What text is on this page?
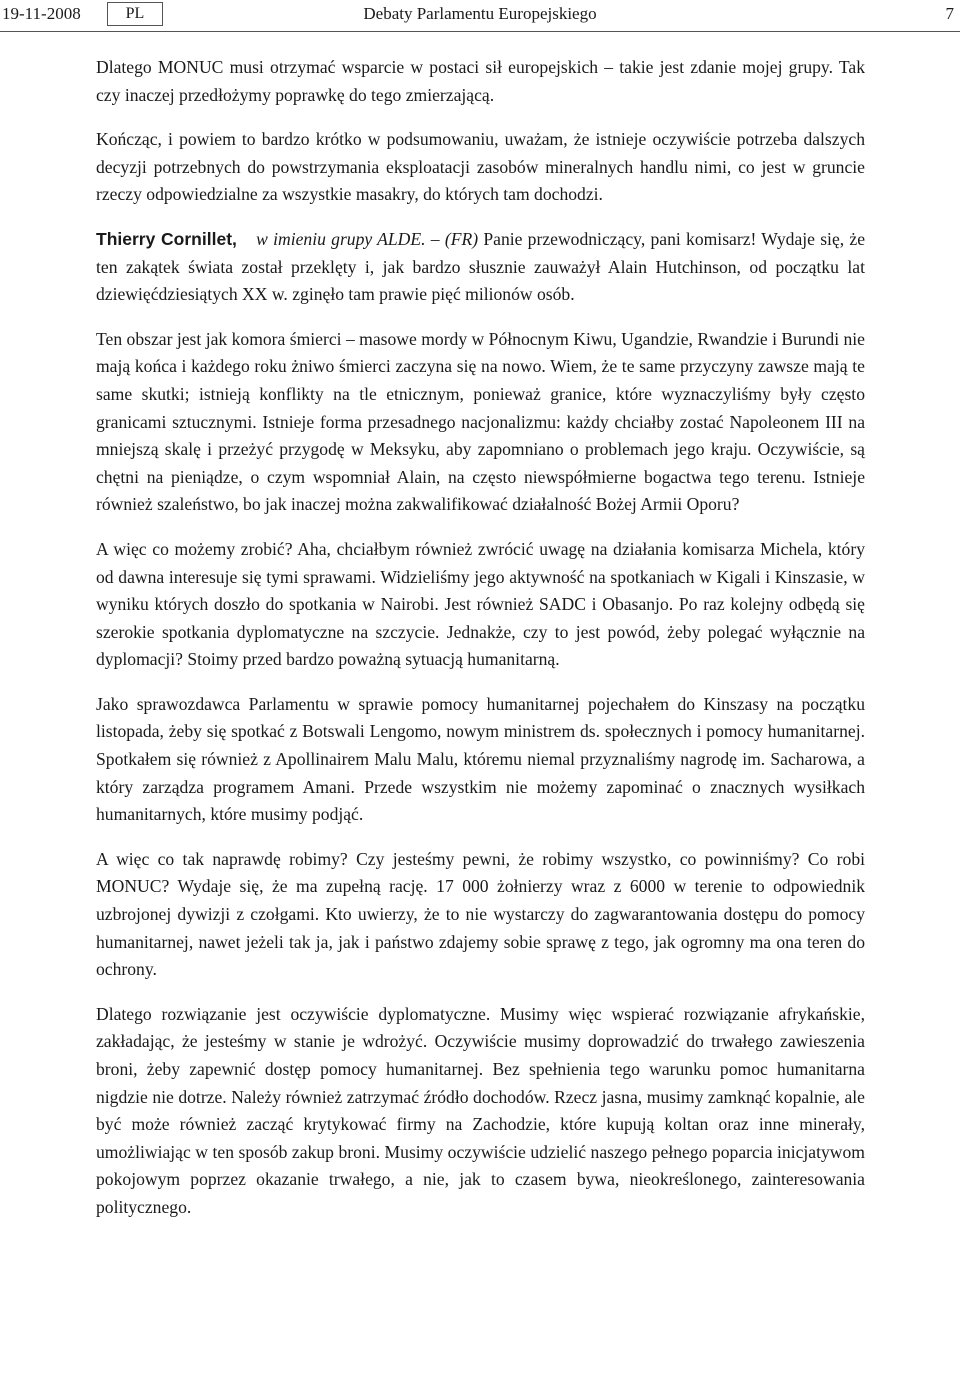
19-11-2008	PL	Debaty Parlamentu Europejskiego	7

Dlatego MONUC musi otrzymać wsparcie w postaci sił europejskich – takie jest zdanie mojej grupy. Tak czy inaczej przedłożymy poprawkę do tego zmierzającą.

Kończąc, i powiem to bardzo krótko w podsumowaniu, uważam, że istnieje oczywiście potrzeba dalszych decyzji potrzebnych do powstrzymania eksploatacji zasobów mineralnych handlu nimi, co jest w gruncie rzeczy odpowiedzialne za wszystkie masakry, do których tam dochodzi.

Thierry Cornillet, w imieniu grupy ALDE. – (FR) Panie przewodniczący, pani komisarz! Wydaje się, że ten zakątek świata został przeklęty i, jak bardzo słusznie zauważył Alain Hutchinson, od początku lat dziewięćdziesiątych XX w. zginęło tam prawie pięć milionów osób.

Ten obszar jest jak komora śmierci – masowe mordy w Północnym Kiwu, Ugandzie, Rwandzie i Burundi nie mają końca i każdego roku żniwo śmierci zaczyna się na nowo. Wiem, że te same przyczyny zawsze mają te same skutki; istnieją konflikty na tle etnicznym, ponieważ granice, które wyznaczyliśmy były często granicami sztucznymi. Istnieje forma przesadnego nacjonalizmu: każdy chciałby zostać Napoleonem III na mniejszą skalę i przeżyć przygodę w Meksyku, aby zapomniano o problemach jego kraju. Oczywiście, są chętni na pieniądze, o czym wspomniał Alain, na często niewspółmierne bogactwa tego terenu. Istnieje również szaleństwo, bo jak inaczej można zakwalifikować działalność Bożej Armii Oporu?

A więc co możemy zrobić? Aha, chciałbym również zwrócić uwagę na działania komisarza Michela, który od dawna interesuje się tymi sprawami. Widzieliśmy jego aktywność na spotkaniach w Kigali i Kinszasie, w wyniku których doszło do spotkania w Nairobi. Jest również SADC i Obasanjo. Po raz kolejny odbędą się szerokie spotkania dyplomatyczne na szczycie. Jednakże, czy to jest powód, żeby polegać wyłącznie na dyplomacji? Stoimy przed bardzo poważną sytuacją humanitarną.

Jako sprawozdawca Parlamentu w sprawie pomocy humanitarnej pojechałem do Kinszasy na początku listopada, żeby się spotkać z Botswali Lengomo, nowym ministrem ds. społecznych i pomocy humanitarnej. Spotkałem się również z Apollinairem Malu Malu, któremu niemal przyznaliśmy nagrodę im. Sacharowa, a który zarządza programem Amani. Przede wszystkim nie możemy zapominać o znacznych wysiłkach humanitarnych, które musimy podjąć.

A więc co tak naprawdę robimy? Czy jesteśmy pewni, że robimy wszystko, co powinniśmy? Co robi MONUC? Wydaje się, że ma zupełną rację. 17 000 żołnierzy wraz z 6000 w terenie to odpowiednik uzbrojonej dywizji z czołgami. Kto uwierzy, że to nie wystarczy do zagwarantowania dostępu do pomocy humanitarnej, nawet jeżeli tak ja, jak i państwo zdajemy sobie sprawę z tego, jak ogromny ma ona teren do ochrony.

Dlatego rozwiązanie jest oczywiście dyplomatyczne. Musimy więc wspierać rozwiązanie afrykańskie, zakładając, że jesteśmy w stanie je wdrożyć. Oczywiście musimy doprowadzić do trwałego zawieszenia broni, żeby zapewnić dostęp pomocy humanitarnej. Bez spełnienia tego warunku pomoc humanitarna nigdzie nie dotrze. Należy również zatrzymać źródło dochodów. Rzecz jasna, musimy zamknąć kopalnie, ale być może również zacząć krytykować firmy na Zachodzie, które kupują koltan oraz inne minerały, umożliwiając w ten sposób zakup broni. Musimy oczywiście udzielić naszego pełnego poparcia inicjatywom pokojowym poprzez okazanie trwałego, a nie, jak to czasem bywa, nieokreślonego, zainteresowania politycznego.
